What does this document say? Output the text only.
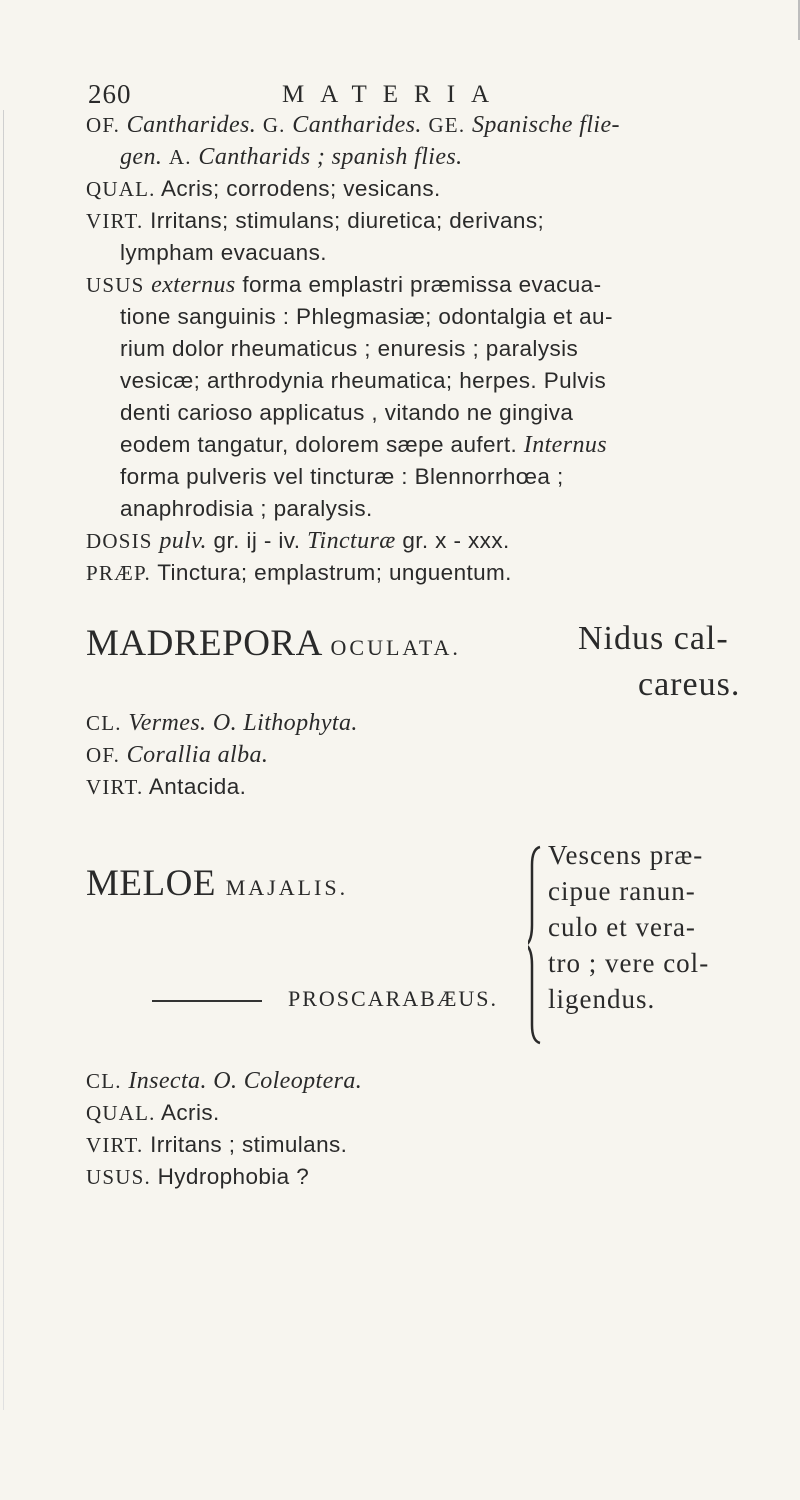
260	MATERIA
OF. Cantharides. G. Cantharides. GE. Spanische flie-
gen. A. Cantharids ; spanish flies.
QUAL. Acris; corrodens; vesicans.
VIRT. Irritans; stimulans; diuretica; derivans;
lympham evacuans.
USUS externus forma emplastri præmissa evacua-
tione sanguinis : Phlegmasiæ; odontalgia et au-
rium dolor rheumaticus ; enuresis ; paralysis
vesicæ; arthrodynia rheumatica; herpes. Pulvis
denti carioso applicatus , vitando ne gingiva
eodem tangatur, dolorem sæpe aufert. Internus
forma pulveris vel tincturæ : Blennorrhœa ;
anaphrodisia ; paralysis.
DOSIS pulv. gr. ij - iv. Tincturæ gr. x - xxx.
PRÆP. Tinctura; emplastrum; unguentum.
MADREPORA OCULATA.	Nidus cal-
careus.
CL. Vermes. O. Lithophyta.
OF. Corallia alba.
VIRT. Antacida.
MELOE MAJALIS.
PROSCARABÆUS.
Vescens præ-
cipue ranun-
culo et vera-
tro ; vere col-
ligendus.
CL. Insecta. O. Coleoptera.
QUAL. Acris.
VIRT. Irritans ; stimulans.
USUS. Hydrophobia ?
